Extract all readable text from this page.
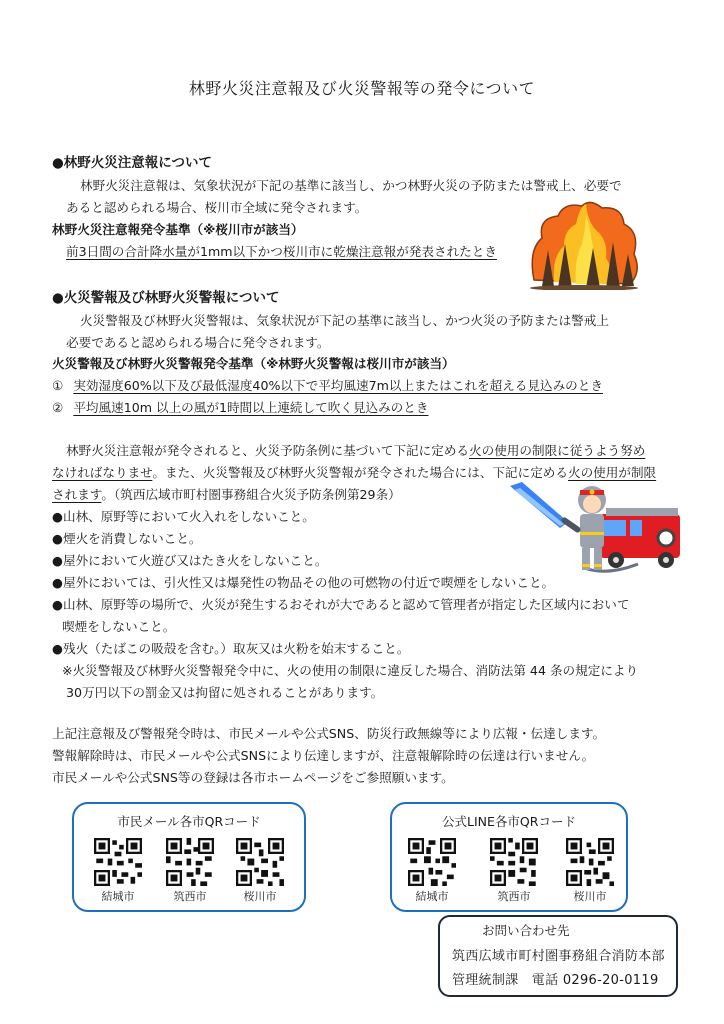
林野火災注意報及び火災警報等の発令について
●林野火災注意報について
林野火災注意報は、気象状況が下記の基準に該当し、かつ林野火災の予防または警戒上、必要で
あると認められる場合、桜川市全域に発令されます。
林野火災注意報発令基準（※桜川市が該当）
前3日間の合計降水量が1mm以下かつ桜川市に乾燥注意報が発表されたとき
●火災警報及び林野火災警報について
火災警報及び林野火災警報は、気象状況が下記の基準に該当し、かつ火災の予防または警戒上
必要であると認められる場合に発令されます。
火災警報及び林野火災警報発令基準（※林野火災警報は桜川市が該当）
① 実効湿度60%以下及び最低湿度40%以下で平均風速7m以上またはこれを超える見込みのとき
② 平均風速10m 以上の風が1時間以上連続して吹く見込みのとき
林野火災注意報が発令されると、火災予防条例に基づいて下記に定める火の使用の制限に従うよう努め
なければなりませ。また、火災警報及び林野火災警報が発令された場合には、下記に定める火の使用が制限
されます。（筑西広域市町村圏事務組合火災予防条例第29条）
●山林、原野等において火入れをしないこと。
●煙火を消費しないこと。
●屋外において火遊び又はたき火をしないこと。
●屋外においては、引火性又は爆発性の物品その他の可燃物の付近で喫煙をしないこと。
●山林、原野等の場所で、火災が発生するおそれが大であると認めて管理者が指定した区域内において
喫煙をしないこと。
●残火（たばこの吸殻を含む。）取灰又は火粉を始末すること。
※火災警報及び林野火災警報発令中に、火の使用の制限に違反した場合、消防法第 44 条の規定により
30万円以下の罰金又は拘留に処されることがあります。
上記注意報及び警報発令時は、市民メールや公式SNS、防災行政無線等により広報・伝達します。
警報解除時は、市民メールや公式SNSにより伝達しますが、注意報解除時の伝達は行いません。
市民メールや公式SNS等の登録は各市ホームページをご参照願います。
市民メール各市QRコード
結城市	筑西市	桜川市
公式LINE各市QRコード
結城市	筑西市	桜川市
お問い合わせ先
筑西広域市町村圏事務組合消防本部
管理統制課　電話 0296-20-0119
